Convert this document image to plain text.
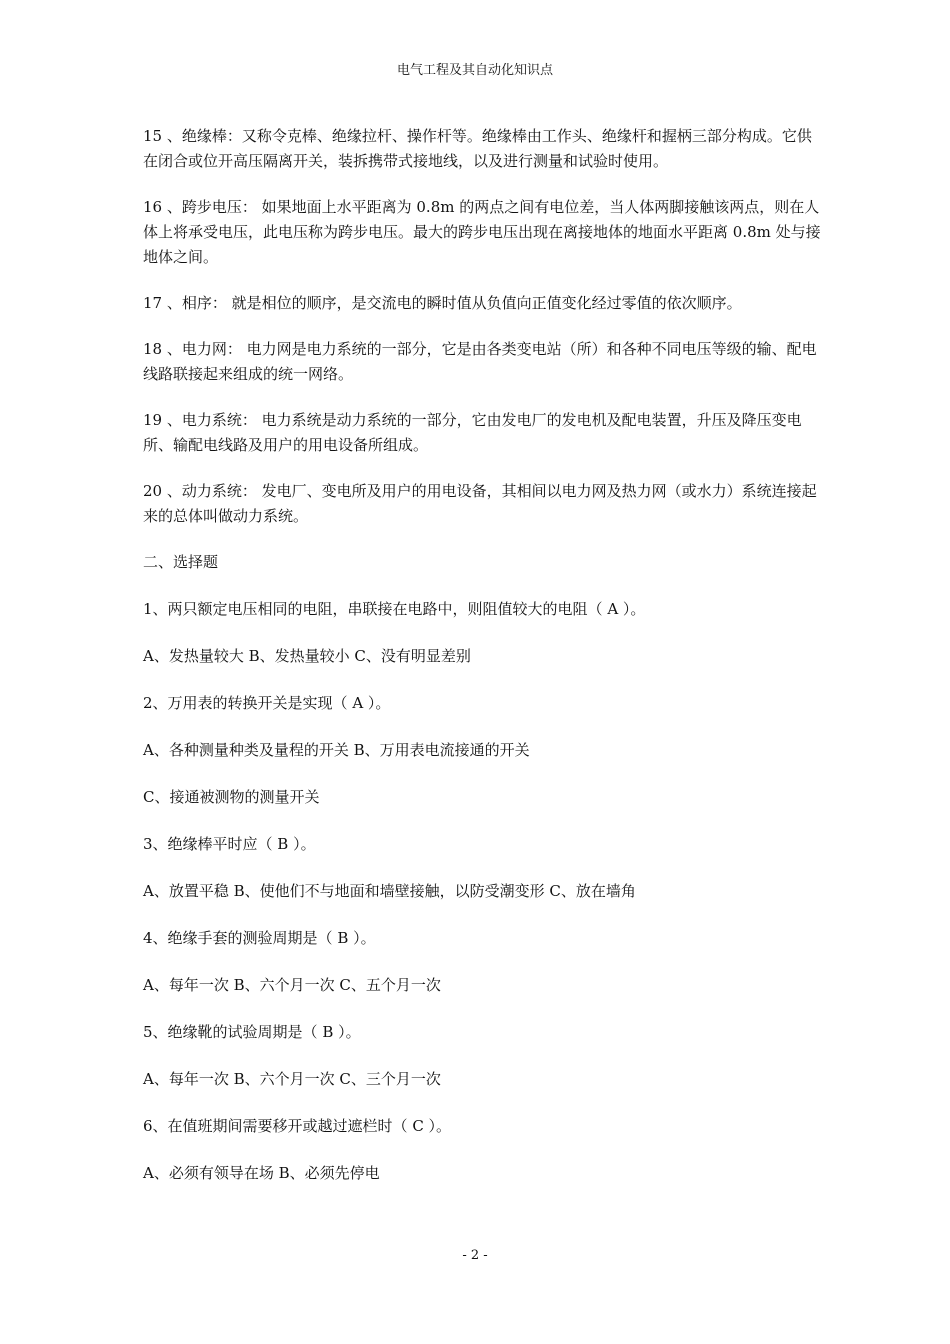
电气工程及其自动化知识点

15 、绝缘棒：又称令克棒、绝缘拉杆、操作杆等。绝缘棒由工作头、绝缘杆和握柄三部分构成。它供在闭合或位开高压隔离开关，装拆携带式接地线，以及进行测量和试验时使用。

16 、跨步电压： 如果地面上水平距离为 0.8m 的两点之间有电位差，当人体两脚接触该两点，则在人体上将承受电压，此电压称为跨步电压。最大的跨步电压出现在离接地体的地面水平距离 0.8m 处与接地体之间。

17 、相序： 就是相位的顺序，是交流电的瞬时值从负值向正值变化经过零值的依次顺序。

18 、电力网： 电力网是电力系统的一部分，它是由各类变电站（所）和各种不同电压等级的输、配电线路联接起来组成的统一网络。

19 、电力系统： 电力系统是动力系统的一部分，它由发电厂的发电机及配电装置，升压及降压变电所、输配电线路及用户的用电设备所组成。

20 、动力系统： 发电厂、变电所及用户的用电设备，其相间以电力网及热力网（或水力）系统连接起来的总体叫做动力系统。

二、选择题

1、两只额定电压相同的电阻，串联接在电路中，则阻值较大的电阻（ A ）。

A、发热量较大 B、发热量较小 C、没有明显差别

2、万用表的转换开关是实现（ A ）。

A、各种测量种类及量程的开关 B、万用表电流接通的开关

C、接通被测物的测量开关

3、绝缘棒平时应（ B ）。

A、放置平稳 B、使他们不与地面和墙壁接触，以防受潮变形 C、放在墙角

4、绝缘手套的测验周期是（ B ）。

A、每年一次 B、六个月一次 C、五个月一次

5、绝缘靴的试验周期是（ B ）。

A、每年一次 B、六个月一次 C、三个月一次

6、在值班期间需要移开或越过遮栏时（ C ）。

A、必须有领导在场 B、必须先停电

- 2 -
